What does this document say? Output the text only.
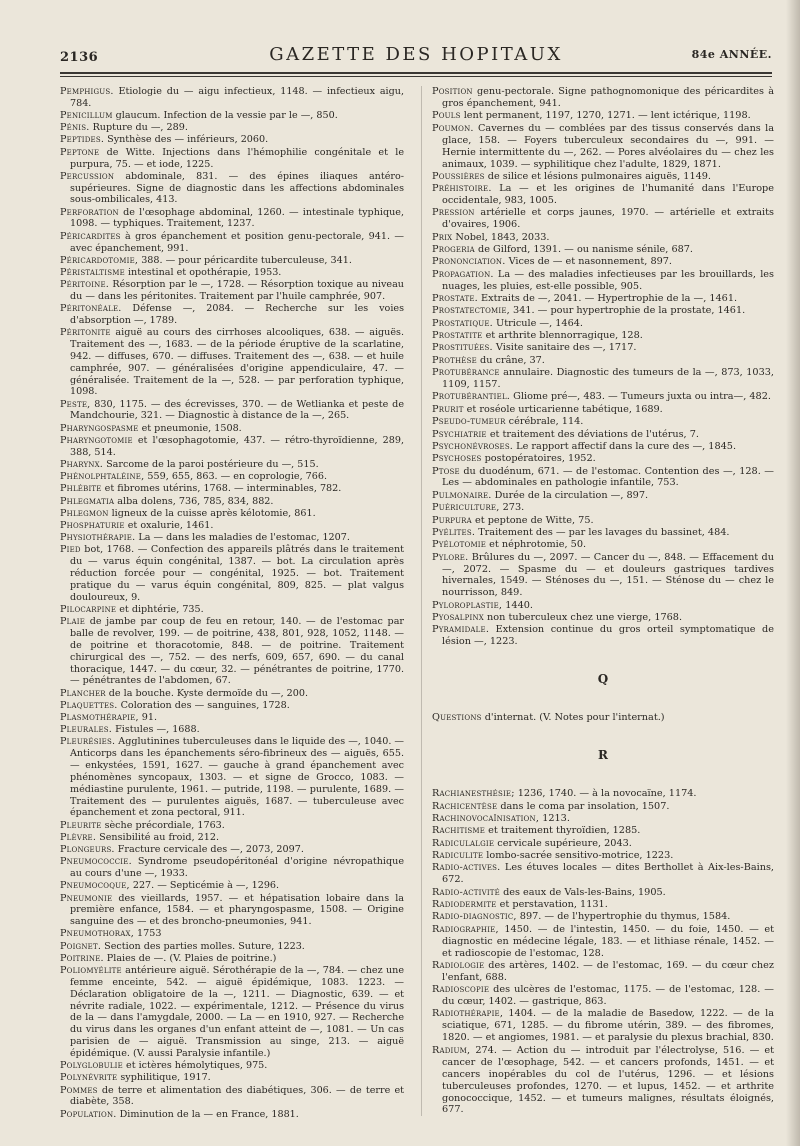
2136	GAZETTE DES HOPITAUX	84e ANNÉE.
Pemphigus. Etiologie du — aigu infectieux, 1148. — infectieux aigu, 784.
Penicillum glaucum. Infection de la vessie par le —, 850.
Pénis. Rupture du —, 289.
Peptides. Synthèse des — inférieurs, 2060.
Peptone de Witte. Injections dans l'hémophilie congénitale et le purpura, 75. — et iode, 1225.
Percussion abdominale, 831. — des épines iliaques antéro-supérieures. Signe de diagnostic dans les affections abdominales sous-ombilicales, 413.
Perforation de l'œsophage abdominal, 1260. — intestinale typhique, 1098. — typhiques. Traitement, 1237.
Péricardites à gros épanchement et position genu-pectorale, 941. — avec épanchement, 991.
Péricardotomie, 388. — pour péricardite tuberculeuse, 341.
Péristaltisme intestinal et opothérapie, 1953.
Péritoine. Résorption par le —, 1728. — Résorption toxique au niveau du — dans les péritonites. Traitement par l'huile camphrée, 907.
Péritonéale. Défense —, 2084. — Recherche sur les voies d'absorption —, 1789.
Péritonite aiguë au cours des cirrhoses alcooliques, 638. — aiguës. Traitement des —, 1683. — de la période éruptive de la scarlatine, 942. — diffuses, 670. — diffuses. Traitement des —, 638. — et huile camphrée, 907. — généralisées d'origine appendiculaire, 47. — généralisée. Traitement de la —, 528. — par perforation typhique, 1098.
Peste, 830, 1175. — des écrevisses, 370. — de Wetlianka et peste de Mandchourie, 321. — Diagnostic à distance de la —, 265.
Pharyngospasme et pneumonie, 1508.
Pharyngotomie et l'œsophagotomie, 437. — rétro-thyroïdienne, 289, 388, 514.
Pharynx. Sarcome de la paroi postérieure du —, 515.
Phénolphtaléine, 559, 655, 863. — en coprologie, 766.
Phlébite et fibromes utérins, 1768. — interminables, 782.
Phlegmatia alba dolens, 736, 785, 834, 882.
Phlegmon ligneux de la cuisse après kélotomie, 861.
Phosphaturie et oxalurie, 1461.
Physiothérapie. La — dans les maladies de l'estomac, 1207.
Pied bot, 1768. — Confection des appareils plâtrés dans le traitement du — varus équin congénital, 1387. — bot. La circulation après réduction forcée pour — congénital, 1925. — bot. Traitement pratique du — varus équin congénital, 809, 825. — plat valgus douloureux, 9.
Pilocarpine et diphtérie, 735.
Plaie de jambe par coup de feu en retour, 140. — de l'estomac par balle de revolver, 199. — de poitrine, 438, 801, 928, 1052, 1148. — de poitrine et thoracotomie, 848. — de poitrine. Traitement chirurgical des —, 752. — des nerfs, 609, 657, 690. — du canal thoracique, 1447. — du cœur, 32. — pénétrantes de poitrine, 1770. — pénétrantes de l'abdomen, 67.
Plancher de la bouche. Kyste dermoïde du —, 200.
Plaquettes. Coloration des — sanguines, 1728.
Plasmothérapie, 91.
Pleurales. Fistules —, 1688.
Pleurésies. Agglutinines tuberculeuses dans le liquide des —, 1040. — Anticorps dans les épanchements séro-fibrineux des — aiguës, 655. — enkystées, 1591, 1627. — gauche à grand épanchement avec phénomènes syncopaux, 1303. — et signe de Grocco, 1083. — médiastine purulente, 1961. — putride, 1198. — purulente, 1689. — Traitement des — purulentes aiguës, 1687. — tuberculeuse avec épanchement et zona pectoral, 911.
Pleurite sèche précordiale, 1763.
Plèvre. Sensibilité au froid, 212.
Plongeurs. Fracture cervicale des —, 2073, 2097.
Pneumococcie. Syndrome pseudopéritonéal d'origine névropathique au cours d'une —, 1933.
Pneumocoque, 227. — Septicémie à —, 1296.
Pneumonie des vieillards, 1957. — et hépatisation lobaire dans la première enfance, 1584. — et pharyngospasme, 1508. — Origine sanguine des — et des broncho-pneumonies, 941.
Pneumothorax, 1753
Poignet. Section des parties molles. Suture, 1223.
Poitrine. Plaies de —. (V. Plaies de poitrine.)
Poliomyélite antérieure aiguë. Sérothérapie de la —, 784. — chez une femme enceinte, 542. — aiguë épidémique, 1083. 1223. — Déclaration obligatoire de la —, 1211. — Diagnostic, 639. — et névrite radiale, 1022. — expérimentale, 1212. — Présence du virus de la — dans l'amygdale, 2000. — La — en 1910, 927. — Recherche du virus dans les organes d'un enfant atteint de —, 1081. — Un cas parisien de — aiguë. Transmission au singe, 213. — aiguë épidémique. (V. aussi Paralysie infantile.)
Polyglobulie et ictères hémolytiques, 975.
Polynévrite syphilitique, 1917.
Pommes de terre et alimentation des diabétiques, 306. — de terre et diabète, 358.
Population. Diminution de la — en France, 1881.
Position genu-pectorale. Signe pathognomonique des péricardites à gros épanchement, 941.
Pouls lent permanent, 1197, 1270, 1271. — lent ictérique, 1198.
Poumon. Cavernes du — comblées par des tissus conservés dans la glace, 158. — Foyers tuberculeux secondaires du —, 991. — Hernie intermittente du —, 262. — Pores alvéolaires du — chez les animaux, 1039. — syphilitique chez l'adulte, 1829, 1871.
Poussières de silice et lésions pulmonaires aiguës, 1149.
Préhistoire. La — et les origines de l'humanité dans l'Europe occidentale, 983, 1005.
Pression artérielle et corps jaunes, 1970. — artérielle et extraits d'ovaires, 1906.
Prix Nobel, 1843, 2033.
Progeria de Gilford, 1391. — ou nanisme sénile, 687.
Prononciation. Vices de — et nasonnement, 897.
Propagation. La — des maladies infectieuses par les brouillards, les nuages, les pluies, est-elle possible, 905.
Prostate. Extraits de —, 2041. — Hypertrophie de la —, 1461.
Prostatectomie, 341. — pour hypertrophie de la prostate, 1461.
Prostatique. Utricule —, 1464.
Prostatite et arthrite blennorragique, 128.
Prostituées. Visite sanitaire des —, 1717.
Prothèse du crâne, 37.
Protubérance annulaire. Diagnostic des tumeurs de la —, 873, 1033, 1109, 1157.
Protubérantiel. Gliome pré—, 483. — Tumeurs juxta ou intra—, 482.
Prurit et roséole urticarienne tabétique, 1689.
Pseudo-tumeur cérébrale, 114.
Psychiatrie et traitement des déviations de l'utérus, 7.
Psychonévroses. Le rapport affectif dans la cure des —, 1845.
Psychoses postopératoires, 1952.
Ptose du duodénum, 671. — de l'estomac. Contention des —, 128. — Les — abdominales en pathologie infantile, 753.
Pulmonaire. Durée de la circulation —, 897.
Puériculture, 273.
Purpura et peptone de Witte, 75.
Pyélites. Traitement des — par les lavages du bassinet, 484.
Pyélotomie et néphrotomie, 50.
Pylore. Brûlures du —, 2097. — Cancer du —, 848. — Effacement du —, 2072. — Spasme du — et douleurs gastriques tardives hivernales, 1549. — Sténoses du —, 151. — Sténose du — chez le nourrisson, 849.
Pyloroplastie, 1440.
Pyosalpinx non tuberculeux chez une vierge, 1768.
Pyramidale. Extension continue du gros orteil symptomatique de lésion —, 1223.
Q
Questions d'internat. (V. Notes pour l'internat.)
R
Rachianesthésie; 1236, 1740. — à la novocaïne, 1174.
Rachicentèse dans le coma par insolation, 1507.
Rachinovocaïnisation, 1213.
Rachitisme et traitement thyroïdien, 1285.
Radiculalgie cervicale supérieure, 2043.
Radiculite lombo-sacrée sensitivo-motrice, 1223.
Radio-actives. Les étuves locales — dites Berthollet à Aix-les-Bains, 672.
Radio-activité des eaux de Vals-les-Bains, 1905.
Radiodermite et perstavation, 1131.
Radio-diagnostic, 897. — de l'hypertrophie du thymus, 1584.
Radiographie, 1450. — de l'intestin, 1450. — du foie, 1450. — et diagnostic en médecine légale, 183. — et lithiase rénale, 1452. — et radioscopie de l'estomac, 128.
Radiologie des artères, 1402. — de l'estomac, 169. — du cœur chez l'enfant, 688.
Radioscopie des ulcères de l'estomac, 1175. — de l'estomac, 128. — du cœur, 1402. — gastrique, 863.
Radiothérapie, 1404. — de la maladie de Basedow, 1222. — de la sciatique, 671, 1285. — du fibrome utérin, 389. — des fibromes, 1820. — et angiomes, 1981. — et paralysie du plexus brachial, 830.
Radium, 274. — Action du — introduit par l'électrolyse, 516. — et cancer de l'œsophage, 542. — et cancers profonds, 1451. — et cancers inopérables du col de l'utérus, 1296. — et lésions tuberculeuses profondes, 1270. — et lupus, 1452. — et arthrite gonococcique, 1452. — et tumeurs malignes, résultats éloignés, 677.
